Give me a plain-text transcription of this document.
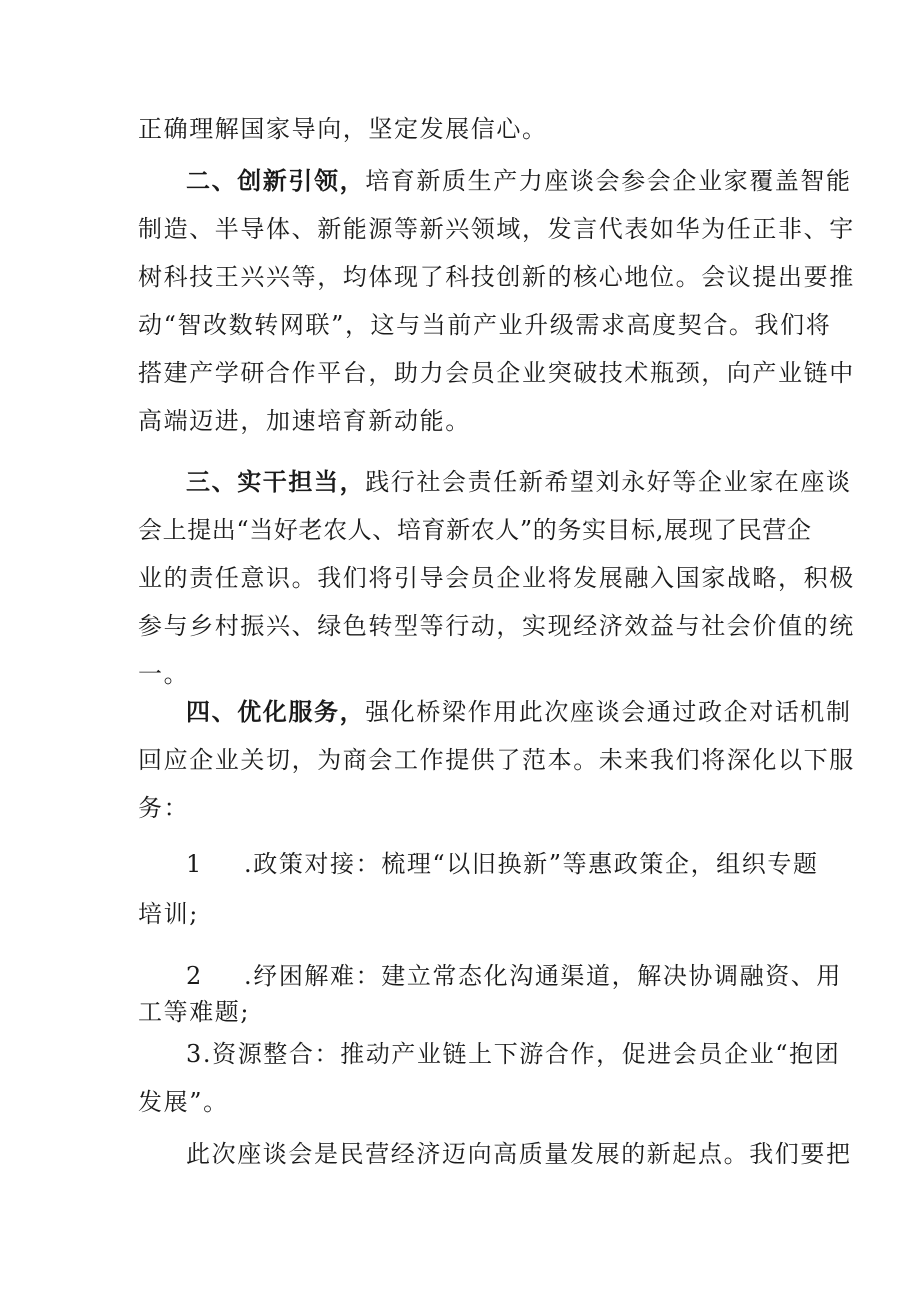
正确理解国家导向，坚定发展信心。
二、创新引领，培育新质生产力座谈会参会企业家覆盖智能
制造、半导体、新能源等新兴领域，发言代表如华为任正非、宇
树科技王兴兴等，均体现了科技创新的核心地位。会议提出要推
动“智改数转网联”，这与当前产业升级需求高度契合。我们将
搭建产学研合作平台，助力会员企业突破技术瓶颈，向产业链中
高端迈进，加速培育新动能。
三、实干担当，践行社会责任新希望刘永好等企业家在座谈
会上提出“当好老农人、培育新农人”的务实目标,展现了民营企
业的责任意识。我们将引导会员企业将发展融入国家战略，积极
参与乡村振兴、绿色转型等行动，实现经济效益与社会价值的统
一。
四、优化服务，强化桥梁作用此次座谈会通过政企对话机制
回应企业关切，为商会工作提供了范本。未来我们将深化以下服
务：
1 .政策对接：梳理“以旧换新”等惠政策企，组织专题
培训;
2 .纾困解难：建立常态化沟通渠道，解决协调融资、用
工等难题;
3.资源整合：推动产业链上下游合作，促进会员企业“抱团
发展”。
此次座谈会是民营经济迈向高质量发展的新起点。我们要把
